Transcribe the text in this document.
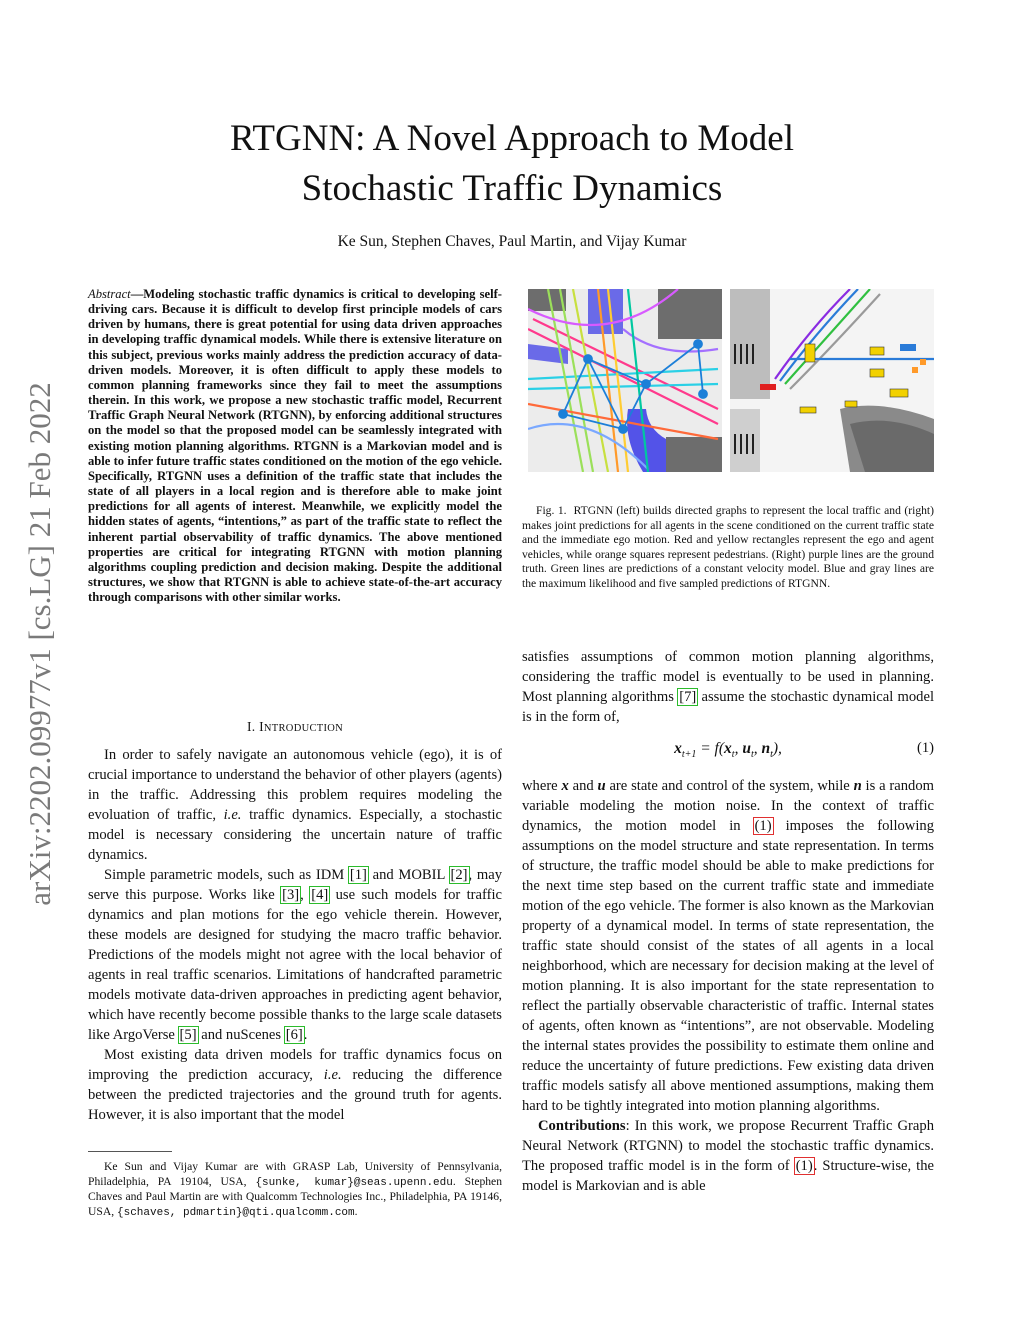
arXiv:2202.09977v1 [cs.LG] 21 Feb 2022
RTGNN: A Novel Approach to Model
Stochastic Traffic Dynamics
Ke Sun, Stephen Chaves, Paul Martin, and Vijay Kumar
Abstract—Modeling stochastic traffic dynamics is critical to developing self-driving cars. Because it is difficult to develop first principle models of cars driven by humans, there is great potential for using data driven approaches in developing traffic dynamical models. While there is extensive literature on this subject, previous works mainly address the prediction accuracy of data-driven models. Moreover, it is often difficult to apply these models to common planning frameworks since they fail to meet the assumptions therein. In this work, we propose a new stochastic traffic model, Recurrent Traffic Graph Neural Network (RTGNN), by enforcing additional structures on the model so that the proposed model can be seamlessly integrated with existing motion planning algorithms. RTGNN is a Markovian model and is able to infer future traffic states conditioned on the motion of the ego vehicle. Specifically, RTGNN uses a definition of the traffic state that includes the state of all players in a local region and is therefore able to make joint predictions for all agents of interest. Meanwhile, we explicitly model the hidden states of agents, “intentions,” as part of the traffic state to reflect the inherent partial observability of traffic dynamics. The above mentioned properties are critical for integrating RTGNN with motion planning algorithms coupling prediction and decision making. Despite the additional structures, we show that RTGNN is able to achieve state-of-the-art accuracy through comparisons with other similar works.
I. INTRODUCTION

In order to safely navigate an autonomous vehicle (ego), it is of crucial importance to understand the behavior of other players (agents) in the traffic. Addressing this problem requires modeling the evoluation of traffic, i.e. traffic dynamics. Especially, a stochastic model is necessary considering the uncertain nature of traffic dynamics.

Simple parametric models, such as IDM [1] and MOBIL [2], may serve this purpose. Works like [3], [4] use such models for traffic dynamics and plan motions for the ego vehicle therein. However, these models are designed for studying the macro traffic behavior. Predictions of the models might not agree with the local behavior of agents in real traffic scenarios. Limitations of handcrafted parametric models motivate data-driven approaches in predicting agent behavior, which have recently become possible thanks to the large scale datasets like ArgoVerse [5] and nuScenes [6].

Most existing data driven models for traffic dynamics focus on improving the prediction accuracy, i.e. reducing the difference between the predicted trajectories and the ground truth for agents. However, it is also important that the model

Ke Sun and Vijay Kumar are with GRASP Lab, University of Pennsylvania, Philadelphia, PA 19104, USA, {sunke, kumar}@seas.upenn.edu. Stephen Chaves and Paul Martin are with Qualcomm Technologies Inc., Philadelphia, PA 19146, USA, {schaves, pdmartin}@qti.qualcomm.com.
Fig. 1. RTGNN (left) builds directed graphs to represent the local traffic and (right) makes joint predictions for all agents in the scene conditioned on the current traffic state and the immediate ego motion. Red and yellow rectangles represent the ego and agent vehicles, while orange squares represent pedestrians. (Right) purple lines are the ground truth. Green lines are predictions of a constant velocity model. Blue and gray lines are the maximum likelihood and five sampled predictions of RTGNN.

satisfies assumptions of common motion planning algorithms, considering the traffic model is eventually to be used in planning. Most planning algorithms [7] assume the stochastic dynamical model is in the form of,

$x_{t+1} = f(x_t$, $u_t$, $n_t$),	(1)

where x and u are state and control of the system, while n is a random variable modeling the motion noise. In the context of traffic dynamics, the motion model in (1) imposes the following assumptions on the model structure and state representation. In terms of structure, the traffic model should be able to make predictions for the next time step based on the current traffic state and immediate motion of the ego vehicle. The former is also known as the Markovian property of a dynamical model. In terms of state representation, the traffic state should consist of the states of all agents in a local neighborhood, which are necessary for decision making at the level of motion planning. It is also important for the state representation to reflect the partially observable characteristic of traffic. Internal states of agents, often known as “intentions”, are not observable. Modeling the internal states provides the possibility to estimate them online and reduce the uncertainty of future predictions. Few existing data driven traffic models satisfy all above mentioned assumptions, making them hard to be tightly integrated into motion planning algorithms.

Contributions: In this work, we propose Recurrent Traffic Graph Neural Network (RTGNN) to model the stochastic traffic dynamics. The proposed traffic model is in the form of (1). Structure-wise, the model is Markovian and is able
